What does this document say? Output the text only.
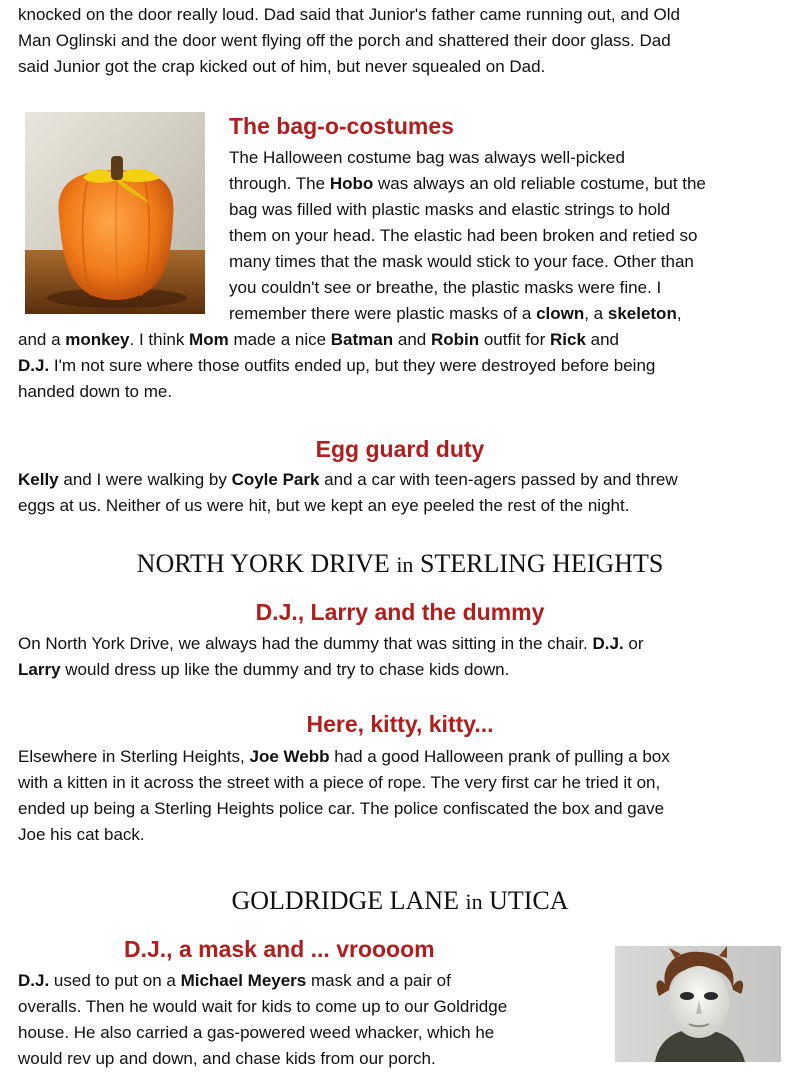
knocked on the door really loud. Dad said that Junior's father came running out, and Old
Man Oglinski and the door went flying off the porch and shattered their door glass. Dad
said Junior got the crap kicked out of him, but never squealed on Dad.

The bag-o-costumes

The Halloween costume bag was always well-picked
through. The Hobo was always an old reliable costume, but the
bag was filled with plastic masks and elastic strings to hold
them on your head. The elastic had been broken and retied so
many times that the mask would stick to your face. Other than
you couldn't see or breathe, the plastic masks were fine. I
remember there were plastic masks of a clown, a skeleton,

and a monkey. I think Mom made a nice Batman and Robin outfit for Rick and
D.J. I'm not sure where those outfits ended up, but they were destroyed before being
handed down to me.

Egg guard duty

Kelly and I were walking by Coyle Park and a car with teen-agers passed by and threw
eggs at us. Neither of us were hit, but we kept an eye peeled the rest of the night.

NORTH YORK DRIVE in STERLING HEIGHTS
D.J., Larry and the dummy

On North York Drive, we always had the dummy that was sitting in the chair. D.J. or
Larry would dress up like the dummy and try to chase kids down.

Here, kitty, kitty...

Elsewhere in Sterling Heights, Joe Webb had a good Halloween prank of pulling a box
with a kitten in it across the street with a piece of rope. The very first car he tried it on,
ended up being a Sterling Heights police car. The police confiscated the box and gave
Joe his cat back.

GOLDRIDGE LANE in UTICA
D.J., a mask and ... vroooom

D.J. used to put on a Michael Meyers mask and a pair of
overalls. Then he would wait for kids to come up to our Goldridge
house. He also carried a gas-powered weed whacker, which he
would rev up and down, and chase kids from our porch.
